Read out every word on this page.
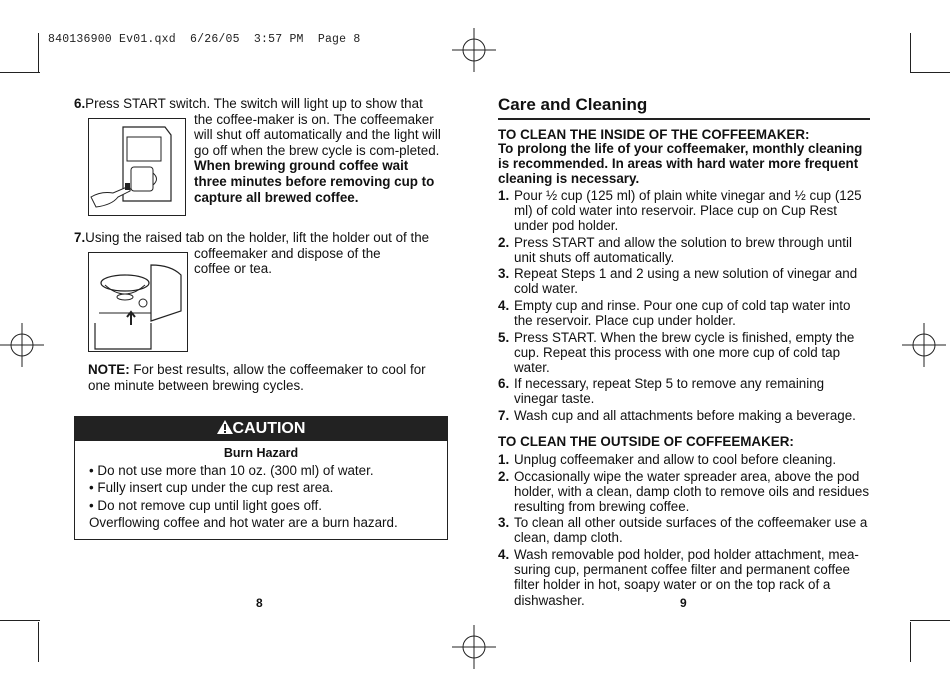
840136900 Ev01.qxd  6/26/05  3:57 PM  Page 8
6.Press START switch. The switch will light up to show that
the coffee-maker is on. The coffeemaker will shut off automatically and the light will go off when the brew cycle is com-pleted. When brewing ground coffee wait three minutes before removing cup to capture all brewed coffee.
7.Using the raised tab on the holder, lift the holder out of the
coffeemaker and dispose of the coffee or tea.
NOTE: For best results, allow the coffeemaker to cool for one minute between brewing cycles.
CAUTION
Burn Hazard
• Do not use more than 10 oz. (300 ml) of water.
• Fully insert cup under the cup rest area.
• Do not remove cup until light goes off.
Overflowing coffee and hot water are a burn hazard.
8
Care and Cleaning
TO CLEAN THE INSIDE OF THE COFFEEMAKER:
To prolong the life of your coffeemaker, monthly cleaning is recommended. In areas with hard water more frequent cleaning is necessary.
1. Pour ½ cup (125 ml) of plain white vinegar and ½ cup (125 ml) of cold water into reservoir. Place cup on Cup Rest under pod holder.
2. Press START and allow the solution to brew through until unit shuts off automatically.
3. Repeat Steps 1 and 2 using a new solution of vinegar and cold water.
4. Empty cup and rinse. Pour one cup of cold tap water into the reservoir. Place cup under holder.
5. Press START. When the brew cycle is finished, empty the cup. Repeat this process with one more cup of cold tap water.
6. If necessary, repeat Step 5 to remove any remaining vinegar taste.
7. Wash cup and all attachments before making a beverage.
TO CLEAN THE OUTSIDE OF COFFEEMAKER:
1. Unplug coffeemaker and allow to cool before cleaning.
2. Occasionally wipe the water spreader area, above the pod holder, with a clean, damp cloth to remove oils and residues resulting from brewing coffee.
3. To clean all other outside surfaces of the coffeemaker use a clean, damp cloth.
4. Wash removable pod holder, pod holder attachment, mea-suring cup, permanent coffee filter and permanent coffee filter holder in hot, soapy water or on the top rack of a dishwasher.	9
